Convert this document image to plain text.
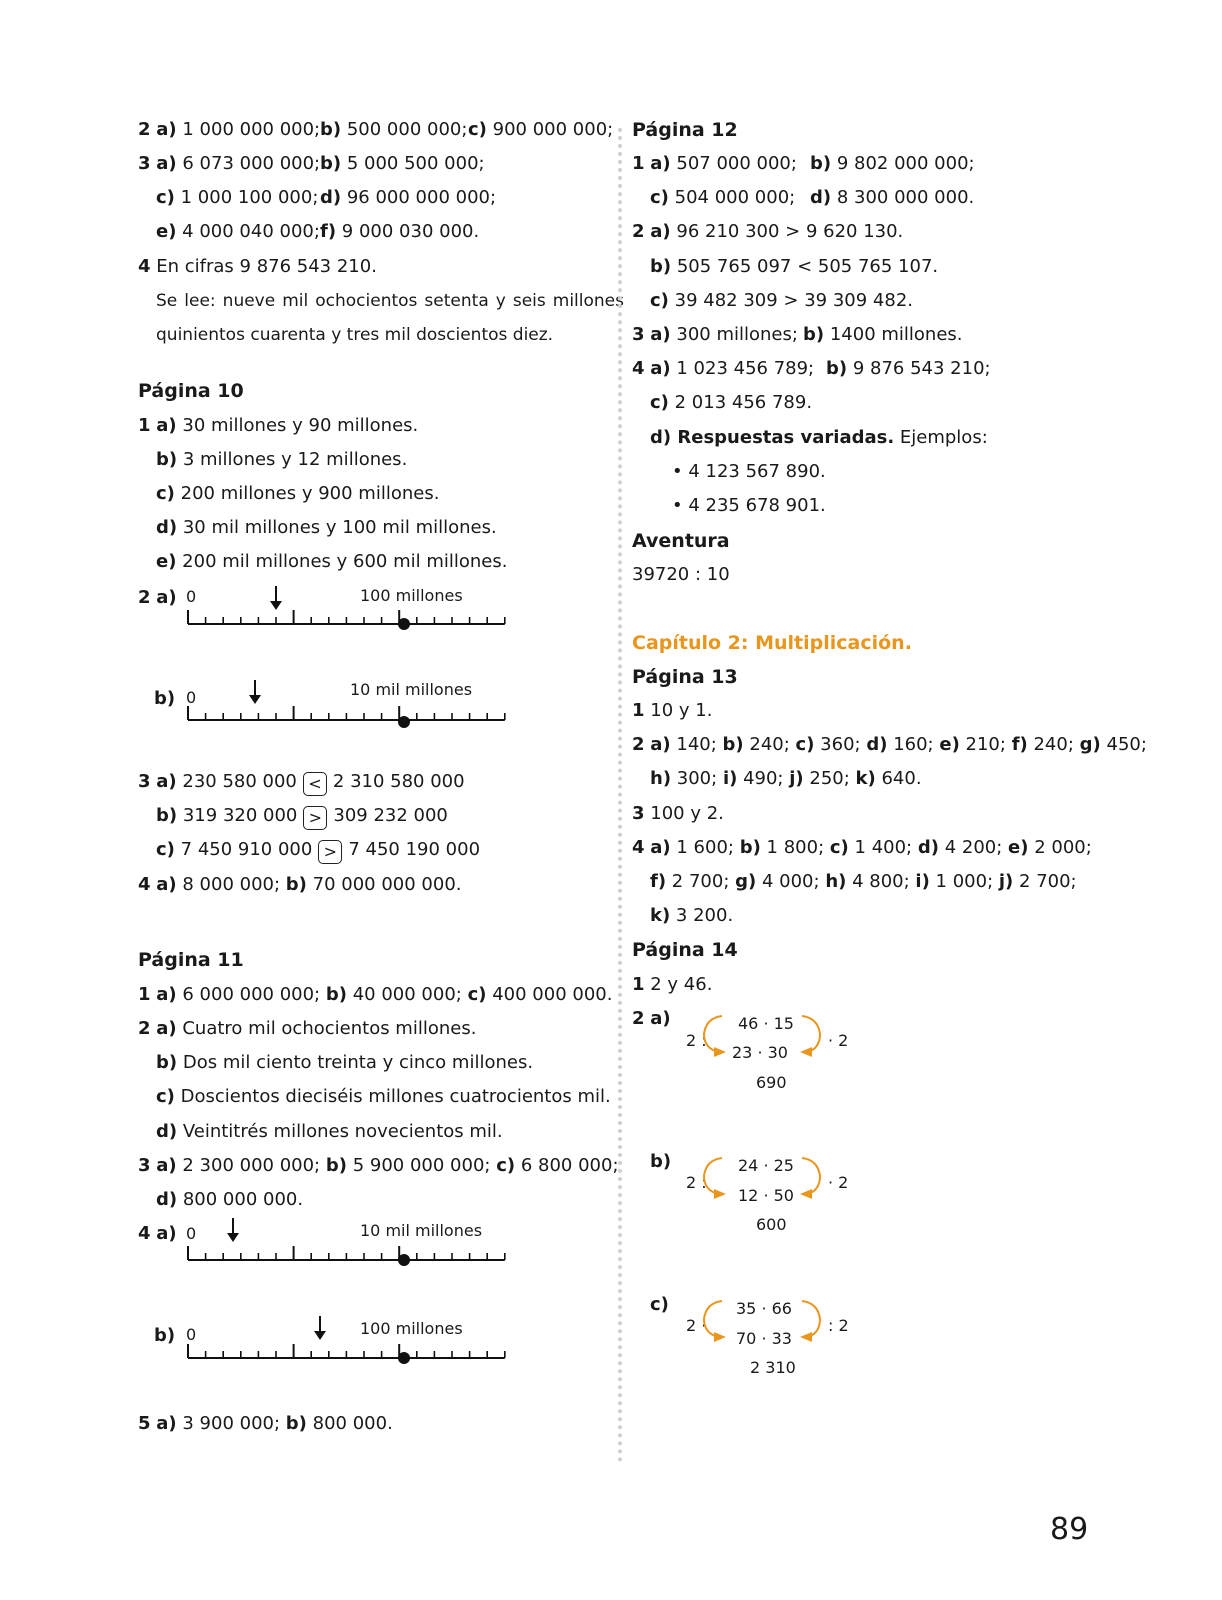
2 a) 1 000 000 000; b) 500 000 000; c) 900 000 000;
3 a) 6 073 000 000; b) 5 000 500 000;
c) 1 000 100 000; d) 96 000 000 000;
e) 4 000 040 000; f) 9 000 030 000.
4 En cifras 9 876 543 210.
Se lee: nueve mil ochocientos setenta y seis millones
quinientos cuarenta y tres mil doscientos diez.
Página 10
1 a) 30 millones y 90 millones.
b) 3 millones y 12 millones.
c) 200 millones y 900 millones.
d) 30 mil millones y 100 mil millones.
e) 200 mil millones y 600 mil millones.
2 a) 0	100 millones
b) 0	10 mil millones
3 a) 230 580 000 < 2 310 580 000
b) 319 320 000 > 309 232 000
c) 7 450 910 000 > 7 450 190 000
4 a) 8 000 000; b) 70 000 000 000.
Página 11
1 a) 6 000 000 000; b) 40 000 000; c) 400 000 000.
2 a) Cuatro mil ochocientos millones.
b) Dos mil ciento treinta y cinco millones.
c) Doscientos dieciséis millones cuatrocientos mil.
d) Veintitrés millones novecientos mil.
3 a) 2 300 000 000; b) 5 900 000 000; c) 6 800 000;
d) 800 000 000.
4 a) 0	10 mil millones
b) 0	100 millones
5 a) 3 900 000; b) 800 000.
Página 12
1 a) 507 000 000; b) 9 802 000 000;
c) 504 000 000; d) 8 300 000 000.
2 a) 96 210 300 > 9 620 130.
b) 505 765 097 < 505 765 107.
c) 39 482 309 > 39 309 482.
3 a) 300 millones; b) 1400 millones.
4 a) 1 023 456 789; b) 9 876 543 210;
c) 2 013 456 789.
d) Respuestas variadas. Ejemplos:
• 4 123 567 890.
• 4 235 678 901.
Aventura
39720 : 10
Capítulo 2: Multiplicación.
Página 13
1 10 y 1.
2 a) 140; b) 240; c) 360; d) 160; e) 210; f) 240; g) 450;
h) 300; i) 490; j) 250; k) 640.
3 100 y 2.
4 a) 1 600; b) 1 800; c) 1 400; d) 4 200; e) 2 000;
f) 2 700; g) 4 000; h) 4 800; i) 1 000; j) 2 700;
k) 3 200.
Página 14
1 2 y 46.
2 a)
2 :
46 · 15
23 · 30
· 2
690
b)
2 :
24 · 25
12 · 50
· 2
600
c)
2 ·
35 · 66
70 · 33
: 2
2 310
89
